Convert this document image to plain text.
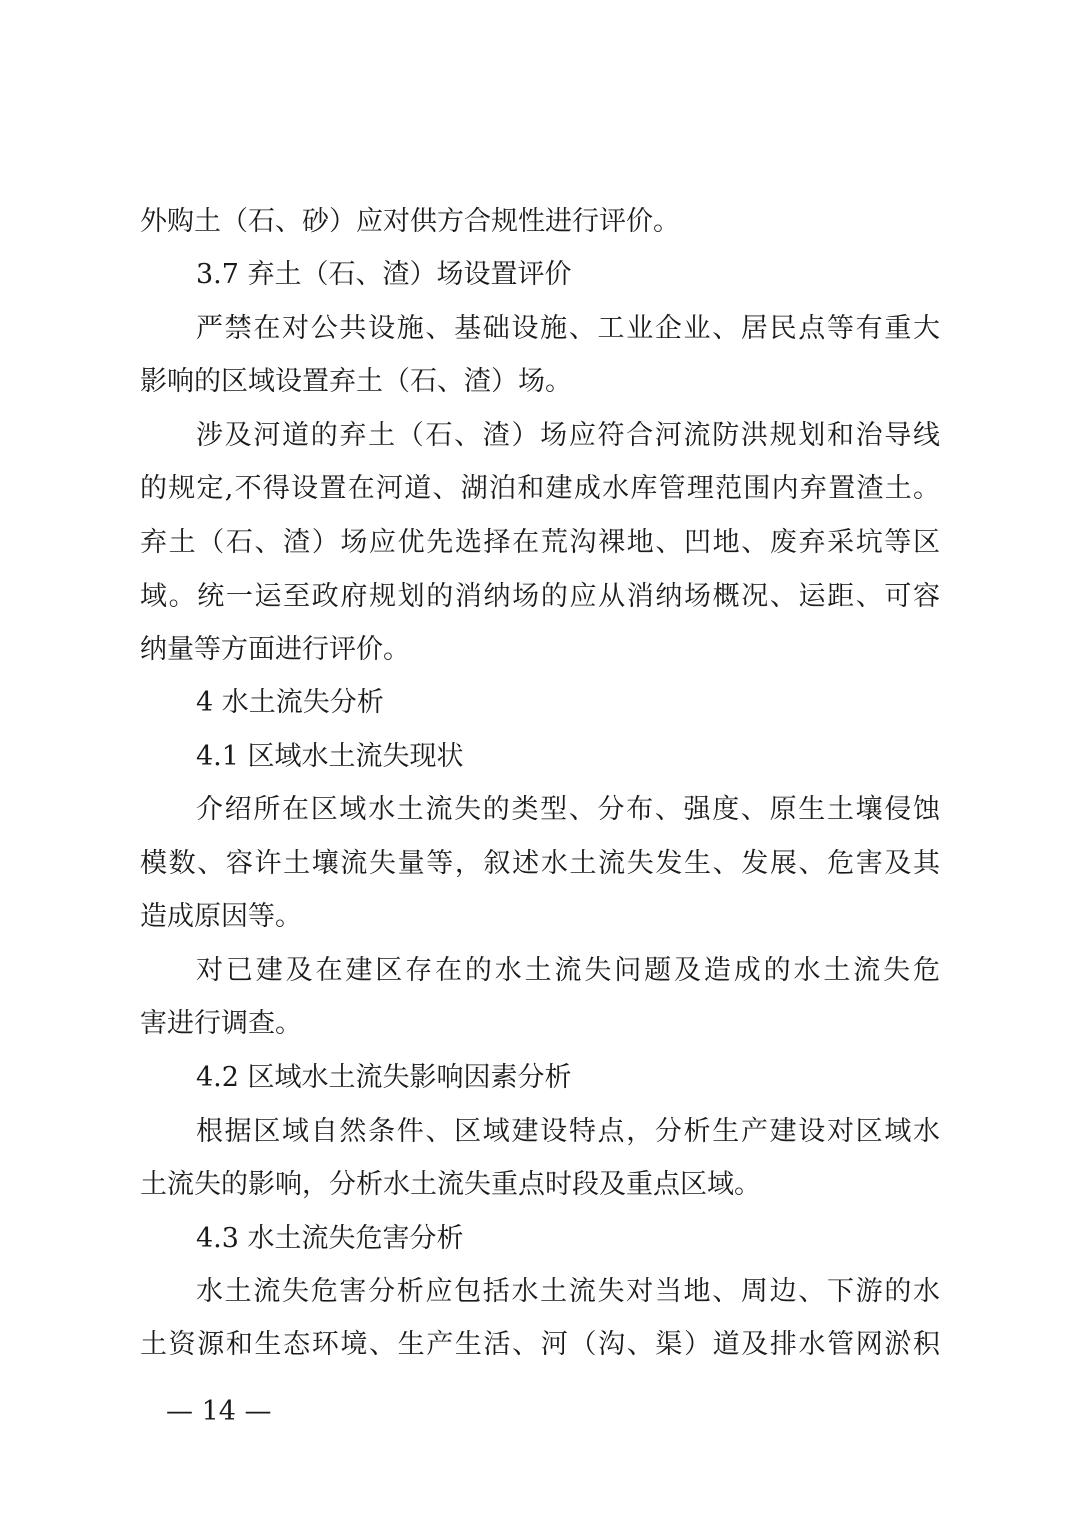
外购土（石、砂）应对供方合规性进行评价。
3.7 弃土（石、渣）场设置评价
严禁在对公共设施、基础设施、工业企业、居民点等有重大
影响的区域设置弃土（石、渣）场。
涉及河道的弃土（石、渣）场应符合河流防洪规划和治导线
的规定,不得设置在河道、湖泊和建成水库管理范围内弃置渣土。
弃土（石、渣）场应优先选择在荒沟裸地、凹地、废弃采坑等区
域。统一运至政府规划的消纳场的应从消纳场概况、运距、可容
纳量等方面进行评价。
4 水土流失分析
4.1 区域水土流失现状
介绍所在区域水土流失的类型、分布、强度、原生土壤侵蚀
模数、容许土壤流失量等，叙述水土流失发生、发展、危害及其
造成原因等。
对已建及在建区存在的水土流失问题及造成的水土流失危
害进行调查。
4.2 区域水土流失影响因素分析
根据区域自然条件、区域建设特点，分析生产建设对区域水
土流失的影响，分析水土流失重点时段及重点区域。
4.3 水土流失危害分析
水土流失危害分析应包括水土流失对当地、周边、下游的水
土资源和生态环境、生产生活、河（沟、渠）道及排水管网淤积
— 14 —
